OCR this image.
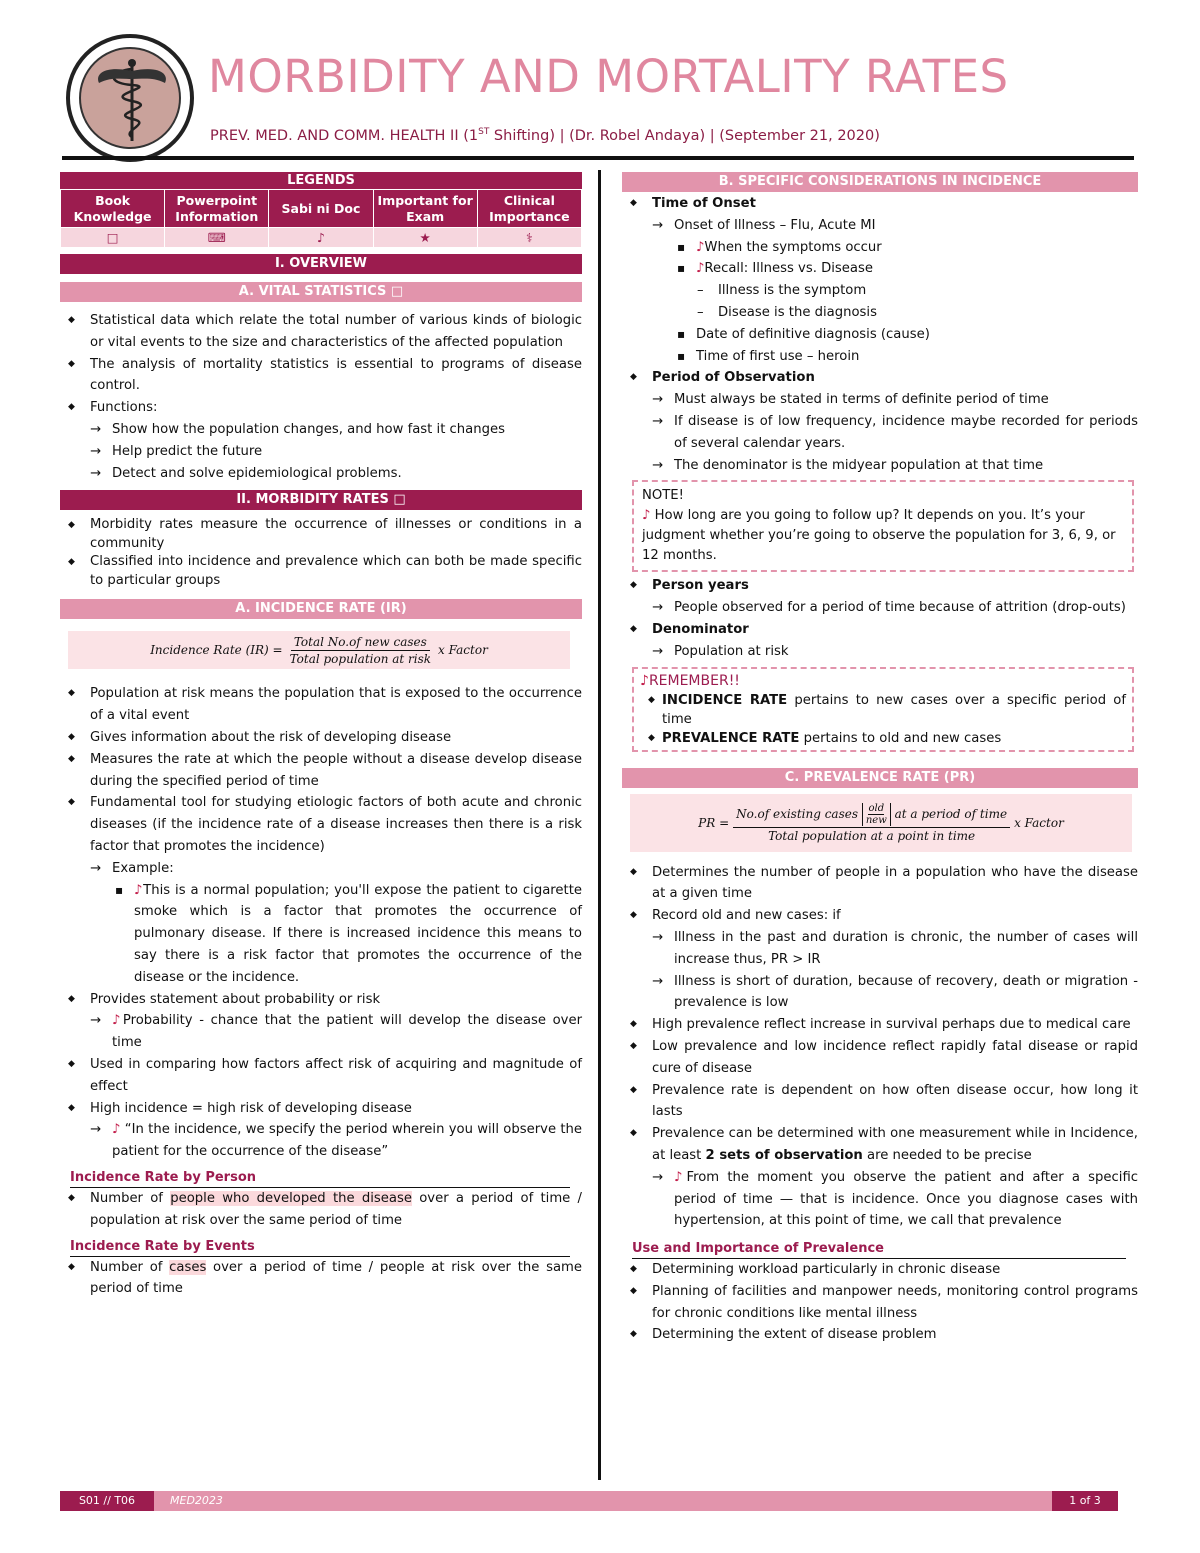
MORBIDITY AND MORTALITY RATES
PREV. MED. AND COMM. HEALTH II (1ST Shifting) | (Dr. Robel Andaya) | (September 21, 2020)
LEGENDS
Book Knowledge	Powerpoint Information	Sabi ni Doc	Important for Exam	Clinical Importance
□	⌨	♪	★	⚕
I. OVERVIEW
A. VITAL STATISTICS □
◆ Statistical data which relate the total number of various kinds of biologic or vital events to the size and characteristics of the affected population
◆ The analysis of mortality statistics is essential to programs of disease control.
◆ Functions:
→ Show how the population changes, and how fast it changes
→ Help predict the future
→ Detect and solve epidemiological problems.
II. MORBIDITY RATES □
◆ Morbidity rates measure the occurrence of illnesses or conditions in a community
◆ Classified into incidence and prevalence which can both be made specific to particular groups
A. INCIDENCE RATE (IR)
Incidence Rate $(IR) = \frac{\text{Total No.of new cases}}{\text{Total population at risk}}$ x Factor
◆ Population at risk means the population that is exposed to the occurrence of a vital event
◆ Gives information about the risk of developing disease
◆ Measures the rate at which the people without a disease develop disease during the specified period of time
◆ Fundamental tool for studying etiologic factors of both acute and chronic diseases (if the incidence rate of a disease increases then there is a risk factor that promotes the incidence)
→ Example:
▪ ♪This is a normal population; you'll expose the patient to cigarette smoke which is a factor that promotes the occurrence of pulmonary disease. If there is increased incidence this means to say there is a risk factor that promotes the occurrence of the disease or the incidence.
◆ Provides statement about probability or risk
→ ♪Probability - chance that the patient will develop the disease over time
◆ Used in comparing how factors affect risk of acquiring and magnitude of effect
◆ High incidence = high risk of developing disease
→ ♪ “In the incidence, we specify the period wherein you will observe the patient for the occurrence of the disease”
Incidence Rate by Person
◆ Number of people who developed the disease over a period of time / population at risk over the same period of time
Incidence Rate by Events
◆ Number of cases over a period of time / people at risk over the same period of time
B. SPECIFIC CONSIDERATIONS IN INCIDENCE
◆ Time of Onset
→ Onset of Illness – Flu, Acute MI
▪ ♪When the symptoms occur
▪ ♪Recall: Illness vs. Disease
– Illness is the symptom
– Disease is the diagnosis
▪ Date of definitive diagnosis (cause)
▪ Time of first use – heroin
◆ Period of Observation
→ Must always be stated in terms of definite period of time
→ If disease is of low frequency, incidence maybe recorded for periods of several calendar years.
→ The denominator is the midyear population at that time
NOTE!
♪ How long are you going to follow up? It depends on you. It’s your judgment whether you’re going to observe the population for 3, 6, 9, or 12 months.
◆ Person years
→ People observed for a period of time because of attrition (drop-outs)
◆ Denominator
→ Population at risk
♪REMEMBER!!
◆ INCIDENCE RATE pertains to new cases over a specific period of time
◆ PREVALENCE RATE pertains to old and new cases
C. PREVALENCE RATE (PR)
PR =
No.of existing cases old
new at a period of time
Total population at a point in time
x Factor
◆ Determines the number of people in a population who have the disease at a given time
◆ Record old and new cases: if
→ Illness in the past and duration is chronic, the number of cases will increase thus, PR > IR
→ Illness is short of duration, because of recovery, death or migration - prevalence is low
◆ High prevalence reflect increase in survival perhaps due to medical care
◆ Low prevalence and low incidence reflect rapidly fatal disease or rapid cure of disease
◆ Prevalence rate is dependent on how often disease occur, how long it lasts
◆ Prevalence can be determined with one measurement while in Incidence, at least 2 sets of observation are needed to be precise
→ ♪From the moment you observe the patient and after a specific period of time — that is incidence. Once you diagnose cases with hypertension, at this point of time, we call that prevalence
Use and Importance of Prevalence
◆ Determining workload particularly in chronic disease
◆ Planning of facilities and manpower needs, monitoring control programs for chronic conditions like mental illness
◆ Determining the extent of disease problem
S01 // T06	MED2023	1 of 3
